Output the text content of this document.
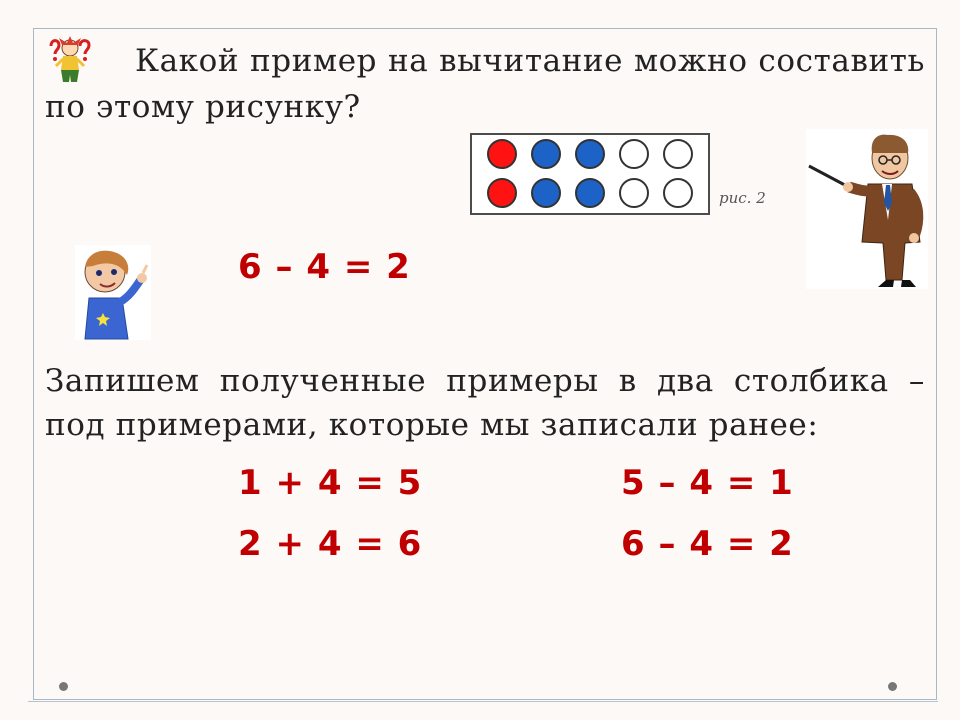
Какой пример на вычитание можно составить по этому рисунку?

рис. 2
6 – 4 = 2

Запишем полученные примеры в два столбика – под примерами, которые мы записали ранее:

1 + 4 = 5
2 + 4 = 6
5 – 4 = 1
6 – 4 = 2
